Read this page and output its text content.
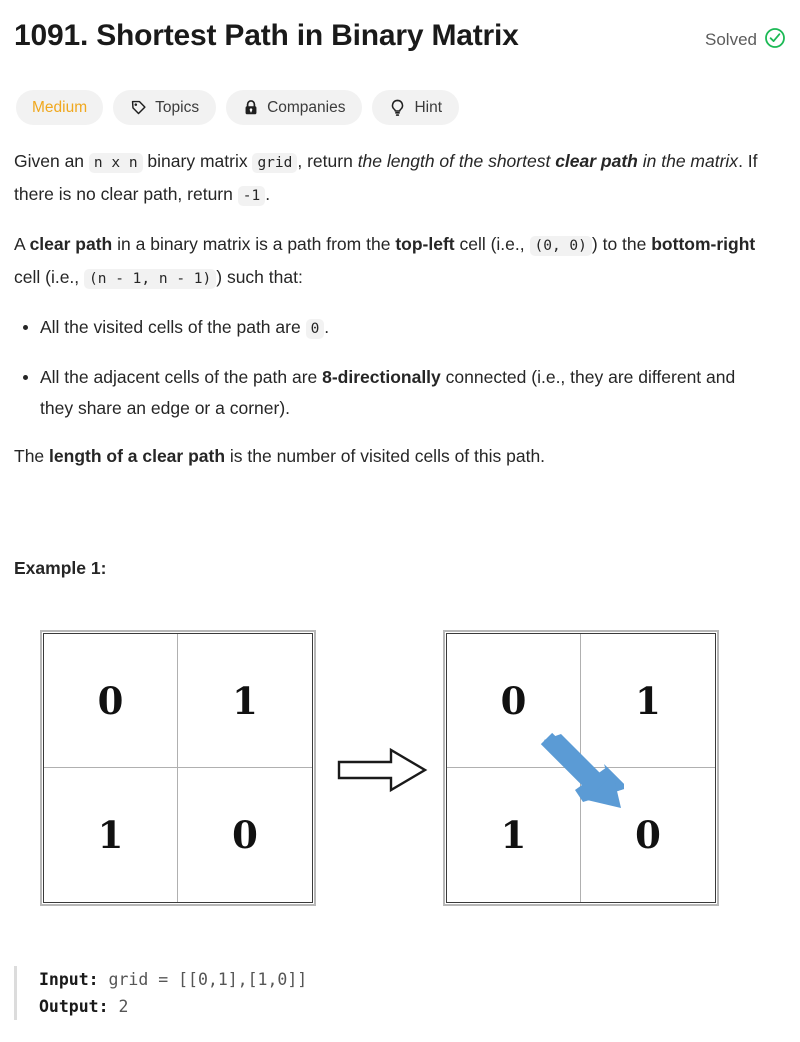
1091. Shortest Path in Binary Matrix	Solved
Medium	Topics	Companies	Hint

Given an n x n binary matrix grid , return the length of the shortest clear path in the matrix. If there is no clear path, return -1 .

A clear path in a binary matrix is a path from the top-left cell (i.e., (0, 0) ) to the bottom-right cell (i.e., (n - 1, n - 1) ) such that:

All the visited cells of the path are 0 .
All the adjacent cells of the path are 8-directionally connected (i.e., they are different and they share an edge or a corner).

The length of a clear path is the number of visited cells of this path.

Example 1:
0	1
1	0
0	1
1	0
Input: grid = [[0,1],[1,0]]
Output: 2
